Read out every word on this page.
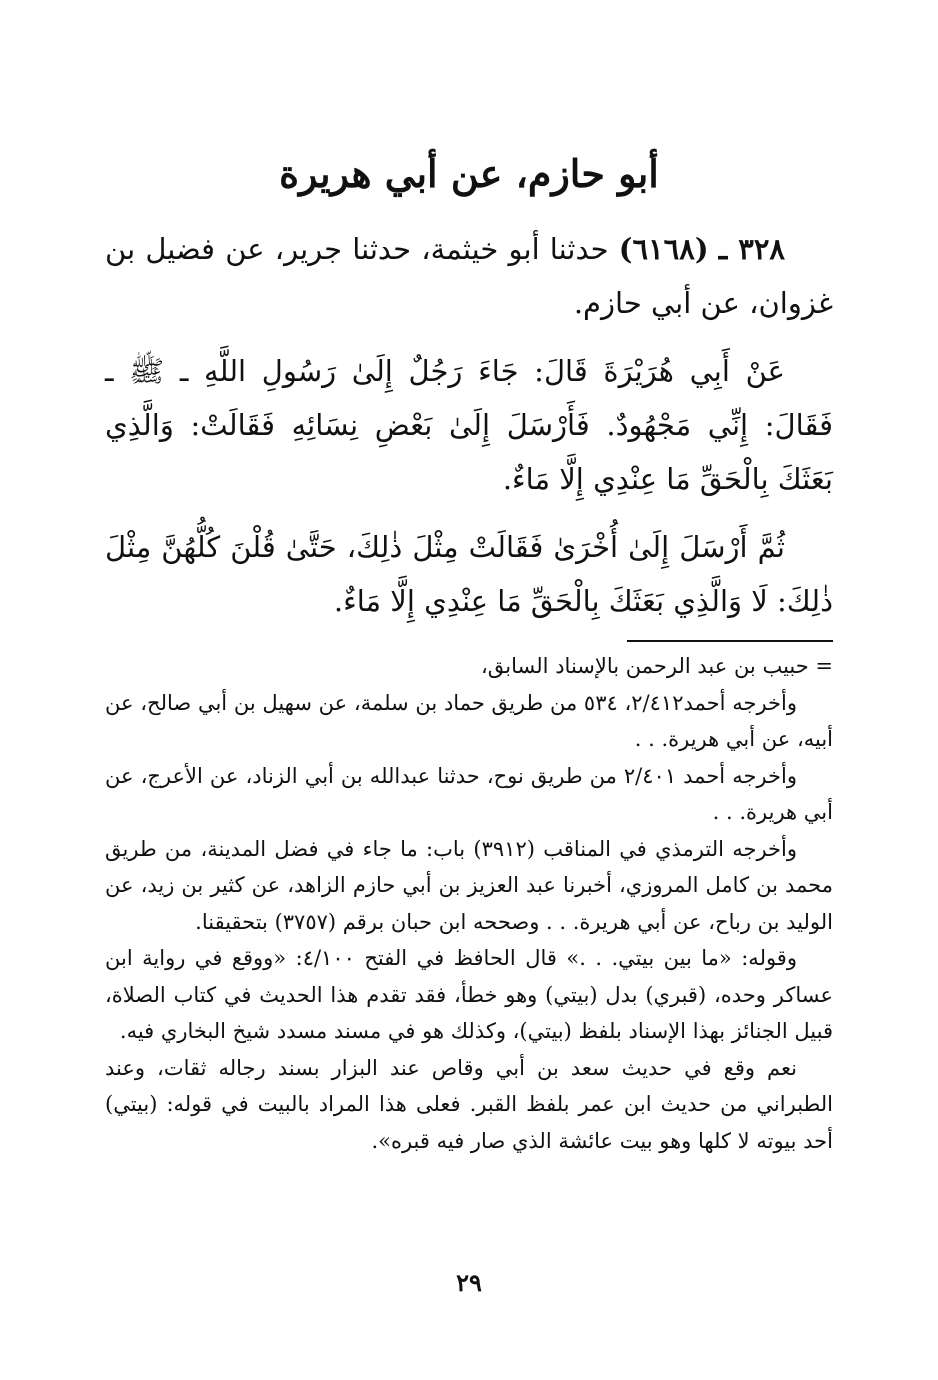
أبو حازم، عن أبي هريرة

٣٢٨ ـ (٦١٦٨) حدثنا أبو خيثمة، حدثنا جرير، عن فضيل بن غزوان، عن أبي حازم.

عَنْ أَبِي هُرَيْرَةَ قَالَ: جَاءَ رَجُلٌ إِلَىٰ رَسُولِ اللَّهِ ـ ﷺ ـ فَقَالَ: إِنِّي مَجْهُودٌ. فَأَرْسَلَ إِلَىٰ بَعْضِ نِسَائِهِ فَقَالَتْ: وَالَّذِي بَعَثَكَ بِالْحَقِّ مَا عِنْدِي إِلَّا مَاءٌ.

ثُمَّ أَرْسَلَ إِلَىٰ أُخْرَىٰ فَقَالَتْ مِثْلَ ذٰلِكَ، حَتَّىٰ قُلْنَ كُلُّهُنَّ مِثْلَ ذٰلِكَ: لَا وَالَّذِي بَعَثَكَ بِالْحَقِّ مَا عِنْدِي إِلَّا مَاءٌ.

= حبيب بن عبد الرحمن بالإسناد السابق،

وأخرجه أحمد٢/٤١٢، ٥٣٤ من طريق حماد بن سلمة، عن سهيل بن أبي صالح، عن أبيه، عن أبي هريرة. . .

وأخرجه أحمد ٢/٤٠١ من طريق نوح، حدثنا عبدالله بن أبي الزناد، عن الأعرج، عن أبي هريرة. . .

وأخرجه الترمذي في المناقب (٣٩١٢) باب: ما جاء في فضل المدينة، من طريق محمد بن كامل المروزي، أخبرنا عبد العزيز بن أبي حازم الزاهد، عن كثير بن زيد، عن الوليد بن رباح، عن أبي هريرة. . . وصححه ابن حبان برقم (٣٧٥٧) بتحقيقنا.

وقوله: «ما بين بيتي. . .» قال الحافظ في الفتح ٤/١٠٠: «ووقع في رواية ابن عساكر وحده، (قبري) بدل (بيتي) وهو خطأ، فقد تقدم هذا الحديث في كتاب الصلاة، قبيل الجنائز بهذا الإسناد بلفظ (بيتي)، وكذلك هو في مسند مسدد شيخ البخاري فيه.

نعم وقع في حديث سعد بن أبي وقاص عند البزار بسند رجاله ثقات، وعند الطبراني من حديث ابن عمر بلفظ القبر. فعلى هذا المراد بالبيت في قوله: (بيتي) أحد بيوته لا كلها وهو بيت عائشة الذي صار فيه قبره».

٢٩
